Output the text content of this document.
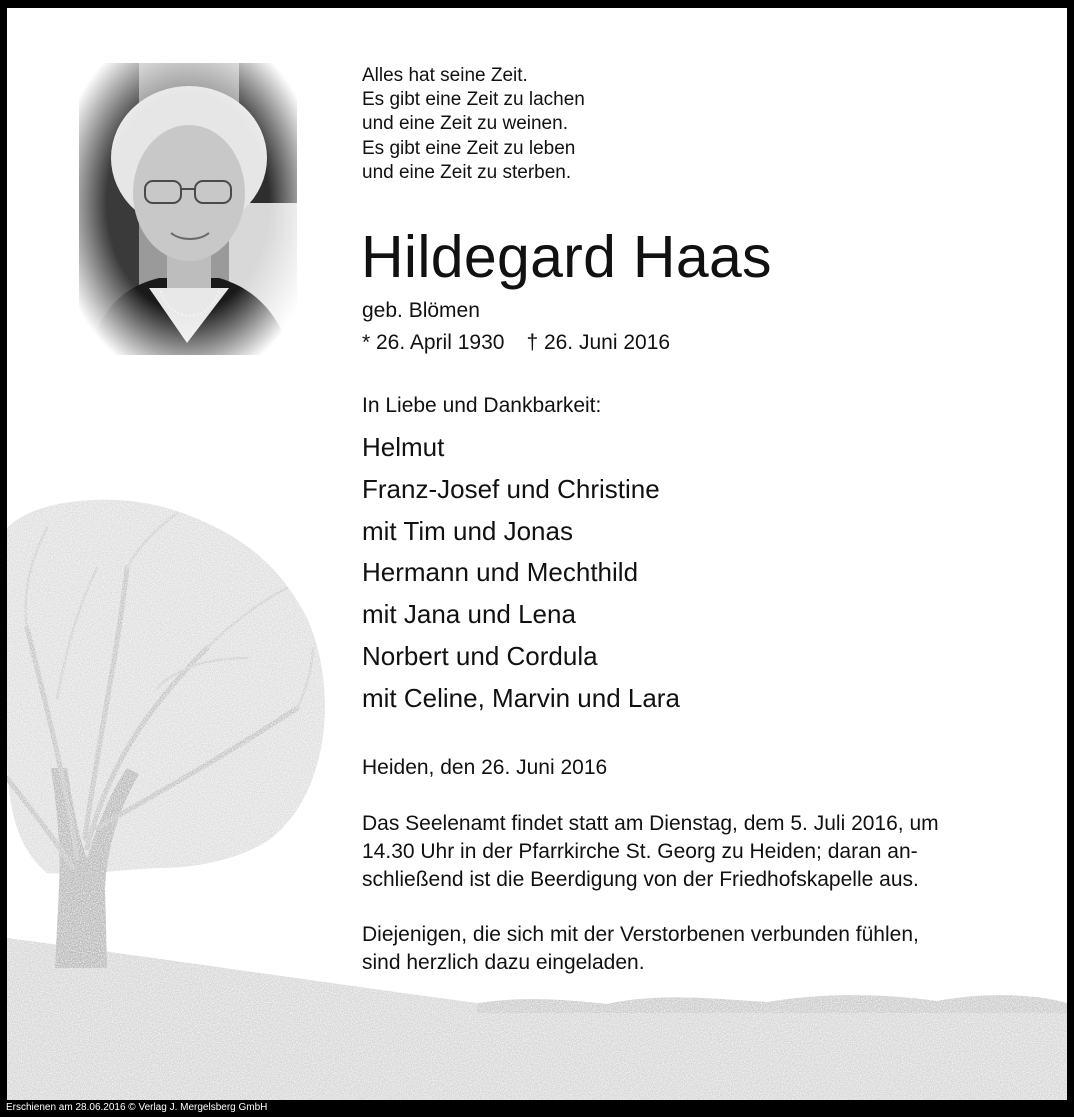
Alles hat seine Zeit.
Es gibt eine Zeit zu lachen
und eine Zeit zu weinen.
Es gibt eine Zeit zu leben
und eine Zeit zu sterben.
Hildegard Haas
geb. Blömen
* 26. April 1930 † 26. Juni 2016
In Liebe und Dankbarkeit:
Helmut
Franz-Josef und Christine
mit Tim und Jonas
Hermann und Mechthild
mit Jana und Lena
Norbert und Cordula
mit Celine, Marvin und Lara
Heiden, den 26. Juni 2016
Das Seelenamt findet statt am Dienstag, dem 5. Juli 2016, um
14.30 Uhr in der Pfarrkirche St. Georg zu Heiden; daran an-
schließend ist die Beerdigung von der Friedhofskapelle aus.
Diejenigen, die sich mit der Verstorbenen verbunden fühlen,
sind herzlich dazu eingeladen.
Erschienen am 28.06.2016 © Verlag J. Mergelsberg GmbH
